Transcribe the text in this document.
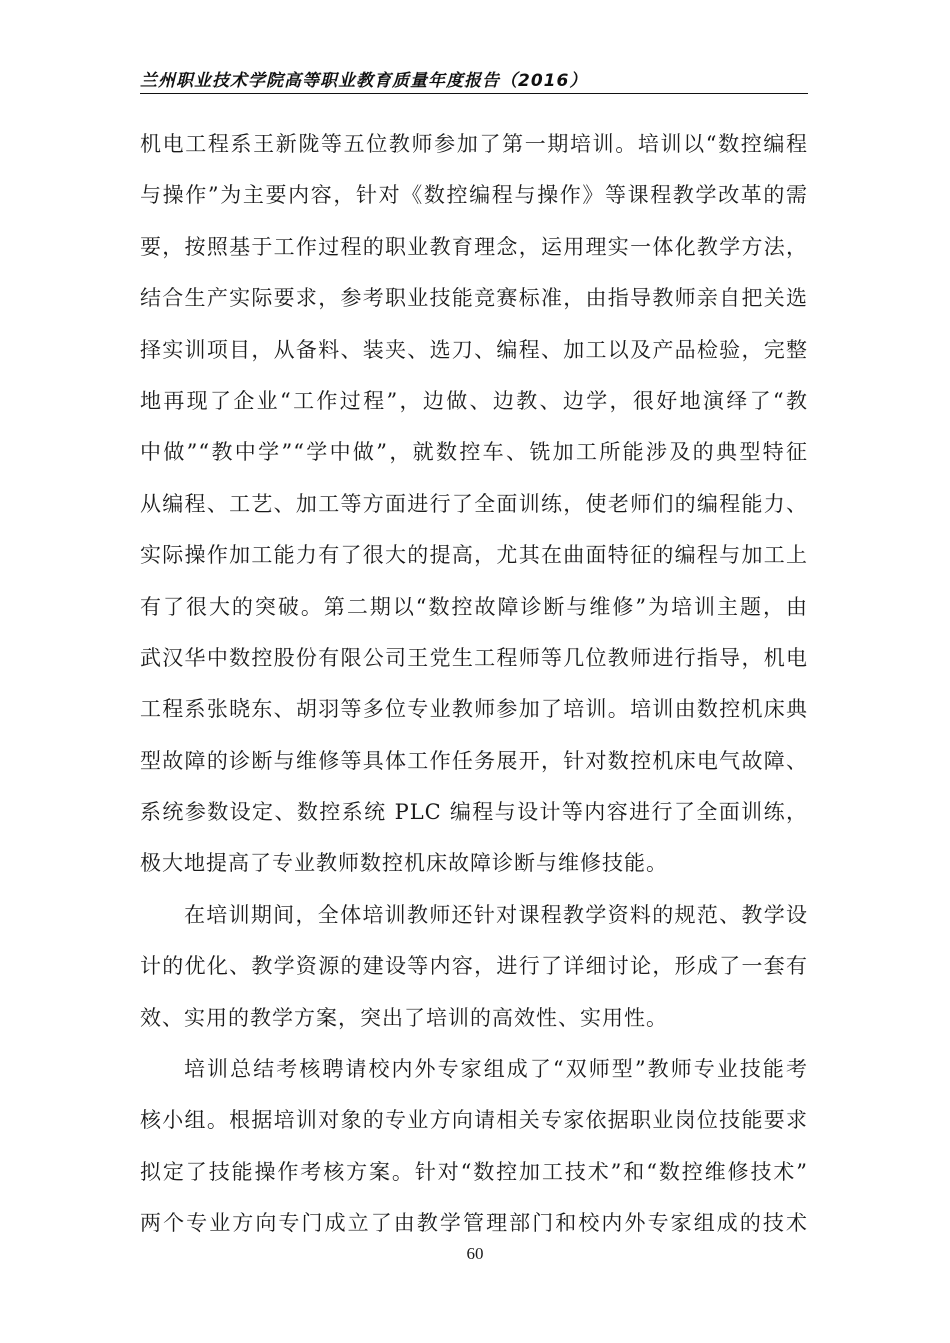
兰州职业技术学院高等职业教育质量年度报告（2016）
机电工程系王新陇等五位教师参加了第一期培训。培训以“数控编程
与操作”为主要内容，针对《数控编程与操作》等课程教学改革的需
要，按照基于工作过程的职业教育理念，运用理实一体化教学方法，
结合生产实际要求，参考职业技能竞赛标准，由指导教师亲自把关选
择实训项目，从备料、装夹、选刀、编程、加工以及产品检验，完整
地再现了企业“工作过程”，边做、边教、边学，很好地演绎了“教
中做”“教中学”“学中做”，就数控车、铣加工所能涉及的典型特征
从编程、工艺、加工等方面进行了全面训练，使老师们的编程能力、
实际操作加工能力有了很大的提高，尤其在曲面特征的编程与加工上
有了很大的突破。第二期以“数控故障诊断与维修”为培训主题，由
武汉华中数控股份有限公司王党生工程师等几位教师进行指导，机电
工程系张晓东、胡羽等多位专业教师参加了培训。培训由数控机床典
型故障的诊断与维修等具体工作任务展开，针对数控机床电气故障、
系统参数设定、数控系统 PLC 编程与设计等内容进行了全面训练，
极大地提高了专业教师数控机床故障诊断与维修技能。
在培训期间，全体培训教师还针对课程教学资料的规范、教学设
计的优化、教学资源的建设等内容，进行了详细讨论，形成了一套有
效、实用的教学方案，突出了培训的高效性、实用性。
培训总结考核聘请校内外专家组成了“双师型”教师专业技能考
核小组。根据培训对象的专业方向请相关专家依据职业岗位技能要求
拟定了技能操作考核方案。针对“数控加工技术”和“数控维修技术”
两个专业方向专门成立了由教学管理部门和校内外专家组成的技术
60
